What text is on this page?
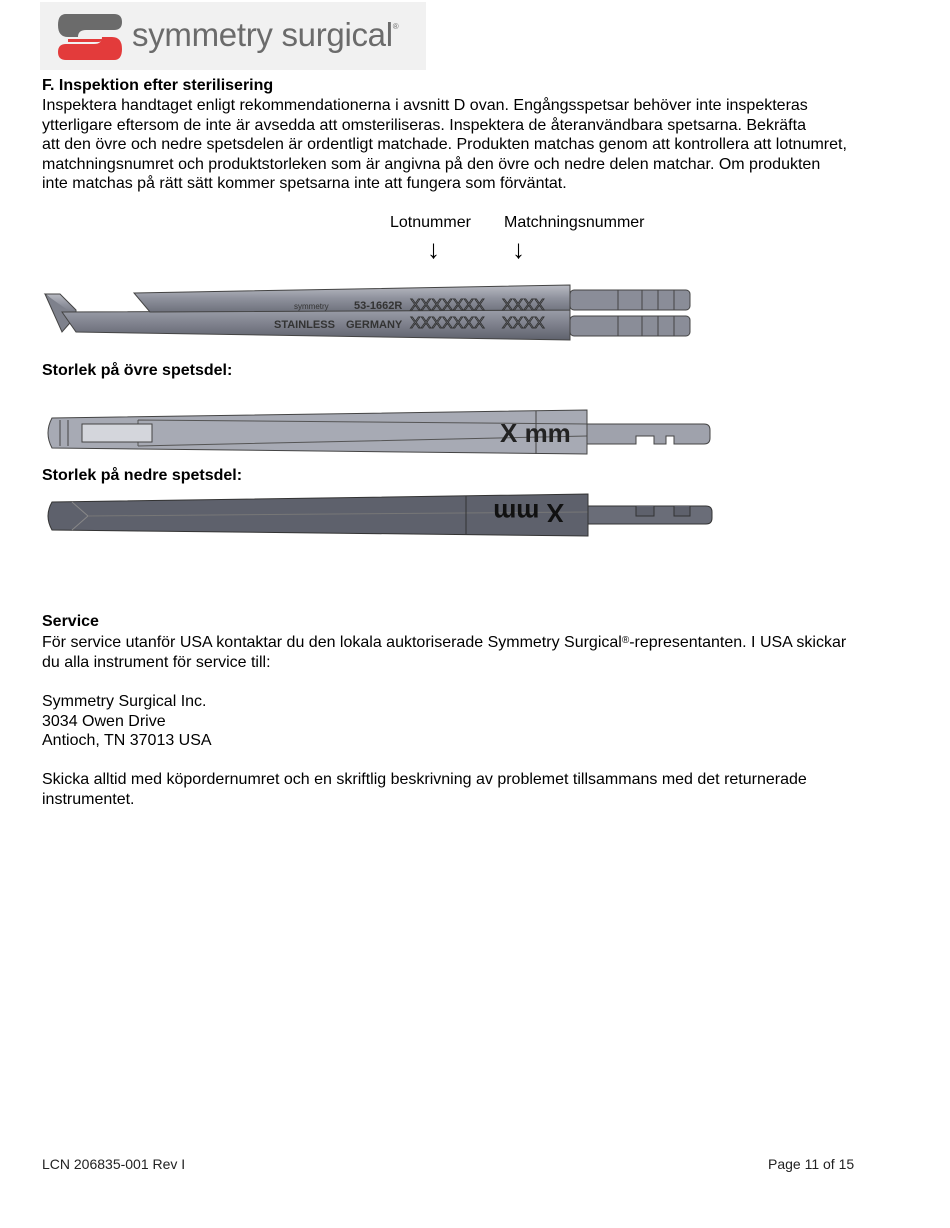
symmetry surgical®
F. Inspektion efter sterilisering
Inspektera handtaget enligt rekommendationerna i avsnitt D ovan. Engångsspetsar behöver inte inspekteras
ytterligare eftersom de inte är avsedda att omsteriliseras. Inspektera de återanvändbara spetsarna. Bekräfta
att den övre och nedre spetsdelen är ordentligt matchade. Produkten matchas genom att kontrollera att lotnumret,
matchningsnumret och produktstorleken som är angivna på den övre och nedre delen matchar. Om produkten
inte matchas på rätt sätt kommer spetsarna inte att fungera som förväntat.
Lotnummer Matchningsnummer
↓	↓
symmetry 53-1662R XXXXXXX XXXX
STAINLESS GERMANY XXXXXXX XXXX
Storlek på övre spetsdel:
X mm
Storlek på nedre spetsdel:
X mm
Service
För service utanför USA kontaktar du den lokala auktoriserade Symmetry Surgical®-representanten. I USA skickar
du alla instrument för service till:
Symmetry Surgical Inc.
3034 Owen Drive
Antioch, TN 37013 USA
Skicka alltid med köpordernumret och en skriftlig beskrivning av problemet tillsammans med det returnerade
instrumentet.
LCN 206835-001 Rev I	Page 11 of 15
